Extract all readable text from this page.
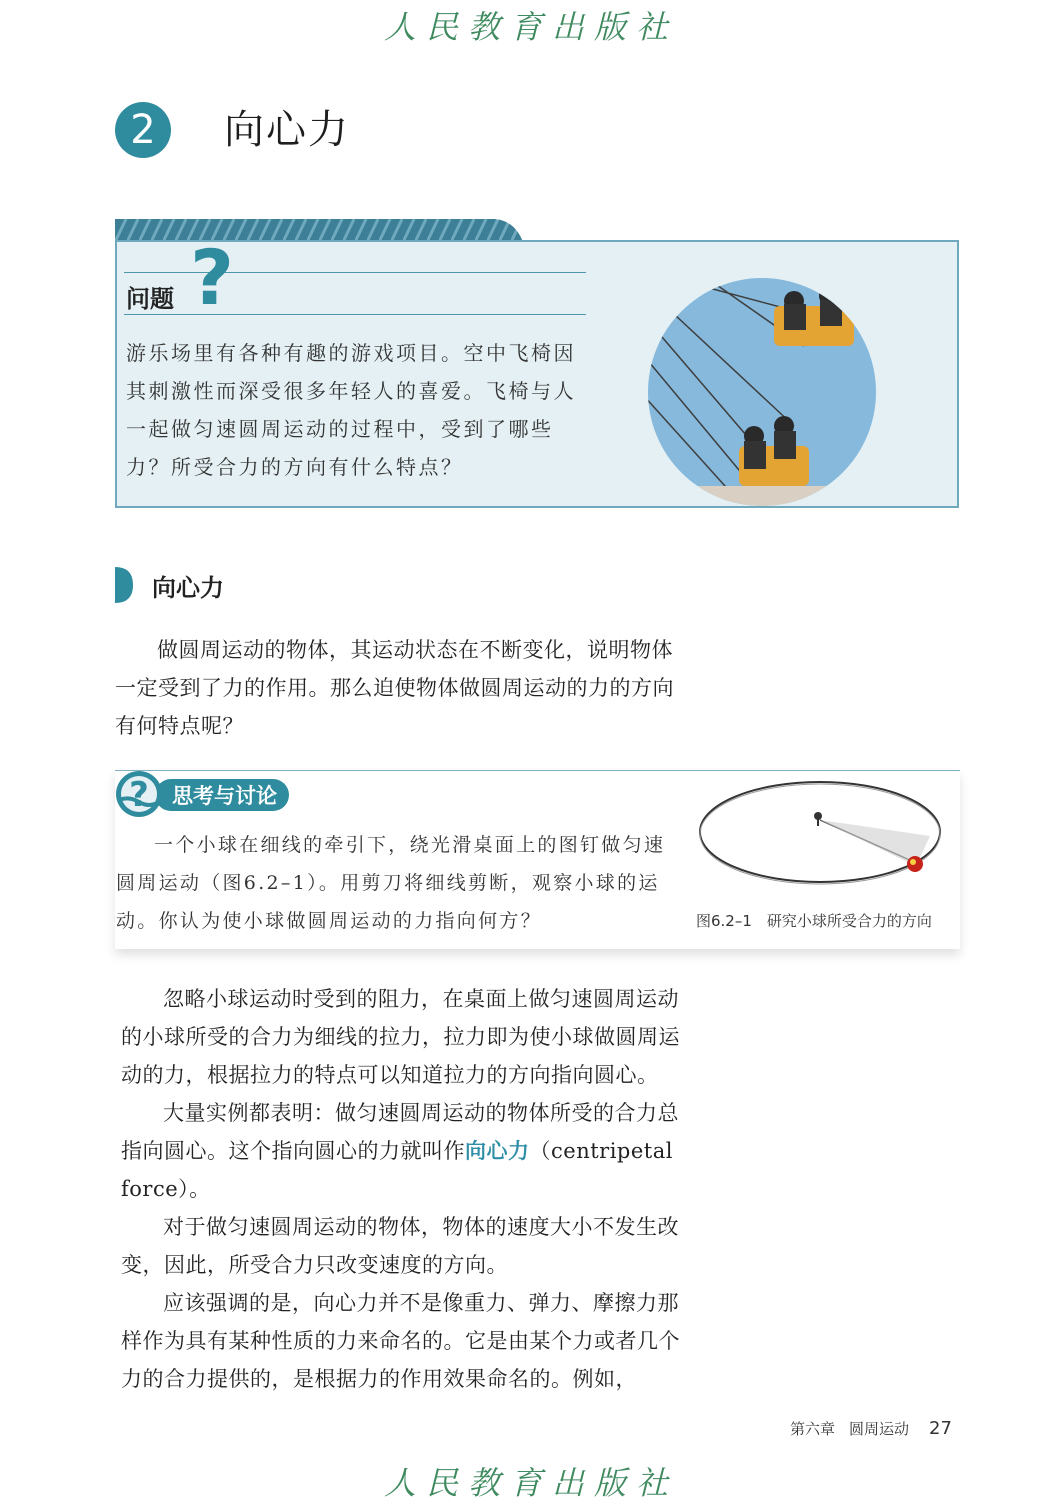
人民教育出版社
2	向心力
问题 ?
游乐场里有各种有趣的游戏项目。空中飞椅因其刺激性而深受很多年轻人的喜爱。飞椅与人一起做匀速圆周运动的过程中，受到了哪些力？所受合力的方向有什么特点？
向心力

做圆周运动的物体，其运动状态在不断变化，说明物体一定受到了力的作用。那么迫使物体做圆周运动的力的方向有何特点呢？

? 思考与讨论

一个小球在细线的牵引下，绕光滑桌面上的图钉做匀速圆周运动（图6.2–1）。用剪刀将细线剪断，观察小球的运动。你认为使小球做圆周运动的力指向何方？	图6.2–1　研究小球所受合力的方向

忽略小球运动时受到的阻力，在桌面上做匀速圆周运动的小球所受的合力为细线的拉力，拉力即为使小球做圆周运动的力，根据拉力的特点可以知道拉力的方向指向圆心。

大量实例都表明：做匀速圆周运动的物体所受的合力总指向圆心。这个指向圆心的力就叫作向心力（centripetal force）。

对于做匀速圆周运动的物体，物体的速度大小不发生改变，因此，所受合力只改变速度的方向。

应该强调的是，向心力并不是像重力、弹力、摩擦力那样作为具有某种性质的力来命名的。它是由某个力或者几个力的合力提供的，是根据力的作用效果命名的。例如，

第六章 圆周运动 27
人民教育出版社
